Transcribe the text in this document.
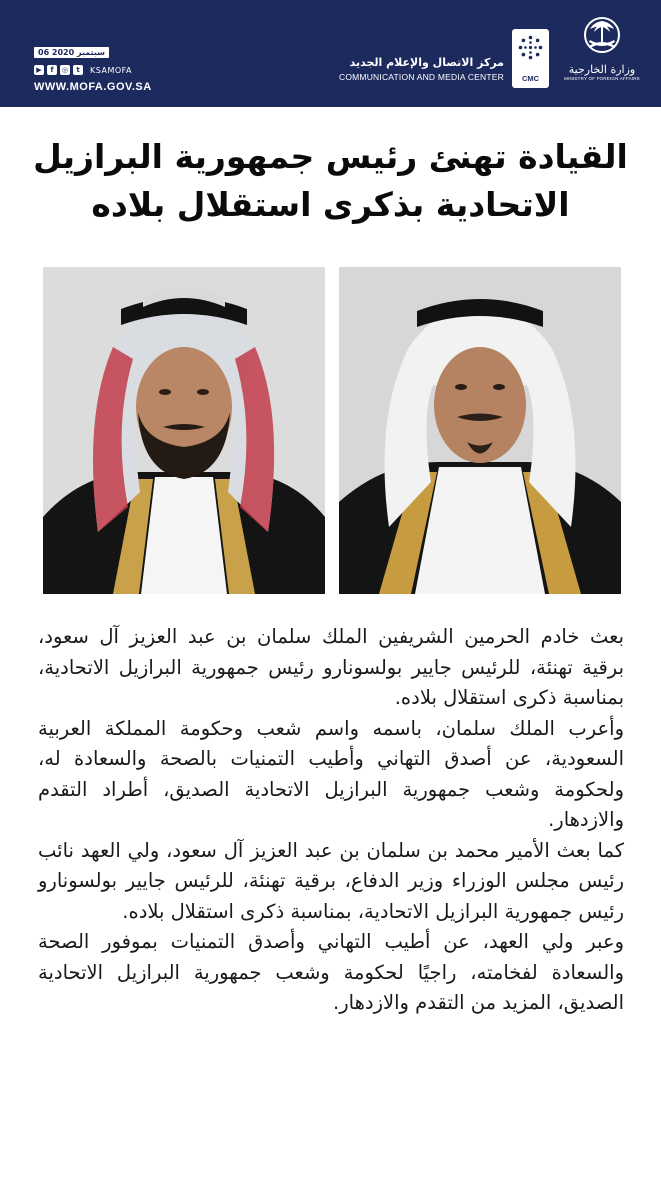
06 سبتمبر 2020
▶	f	◎	t	KSAMOFA
WWW.MOFA.GOV.SA
مركز الاتصال والإعلام الجديد
COMMUNICATION AND MEDIA CENTER	CMC
وزارة الخارجية
MINISTRY OF FOREIGN AFFAIRS
القيادة تهنئ رئيس جمهورية البرازيل الاتحادية بذكرى استقلال بلاده

بعث خادم الحرمين الشريفين الملك سلمان بن عبد العزيز آل سعود، برقية تهنئة، للرئيس جايير بولسونارو رئيس جمهورية البرازيل الاتحادية، بمناسبة ذكرى استقلال بلاده.

وأعرب الملك سلمان، باسمه واسم شعب وحكومة المملكة العربية السعودية، عن أصدق التهاني وأطيب التمنيات بالصحة والسعادة له، ولحكومة وشعب جمهورية البرازيل الاتحادية الصديق، أطراد التقدم والازدهار.

كما بعث الأمير محمد بن سلمان بن عبد العزيز آل سعود، ولي العهد نائب رئيس مجلس الوزراء وزير الدفاع، برقية تهنئة، للرئيس جايير بولسونارو رئيس جمهورية البرازيل الاتحادية، بمناسبة ذكرى استقلال بلاده.

وعبر ولي العهد، عن أطيب التهاني وأصدق التمنيات بموفور الصحة والسعادة لفخامته، راجيًا لحكومة وشعب جمهورية البرازيل الاتحادية الصديق، المزيد من التقدم والازدهار.
